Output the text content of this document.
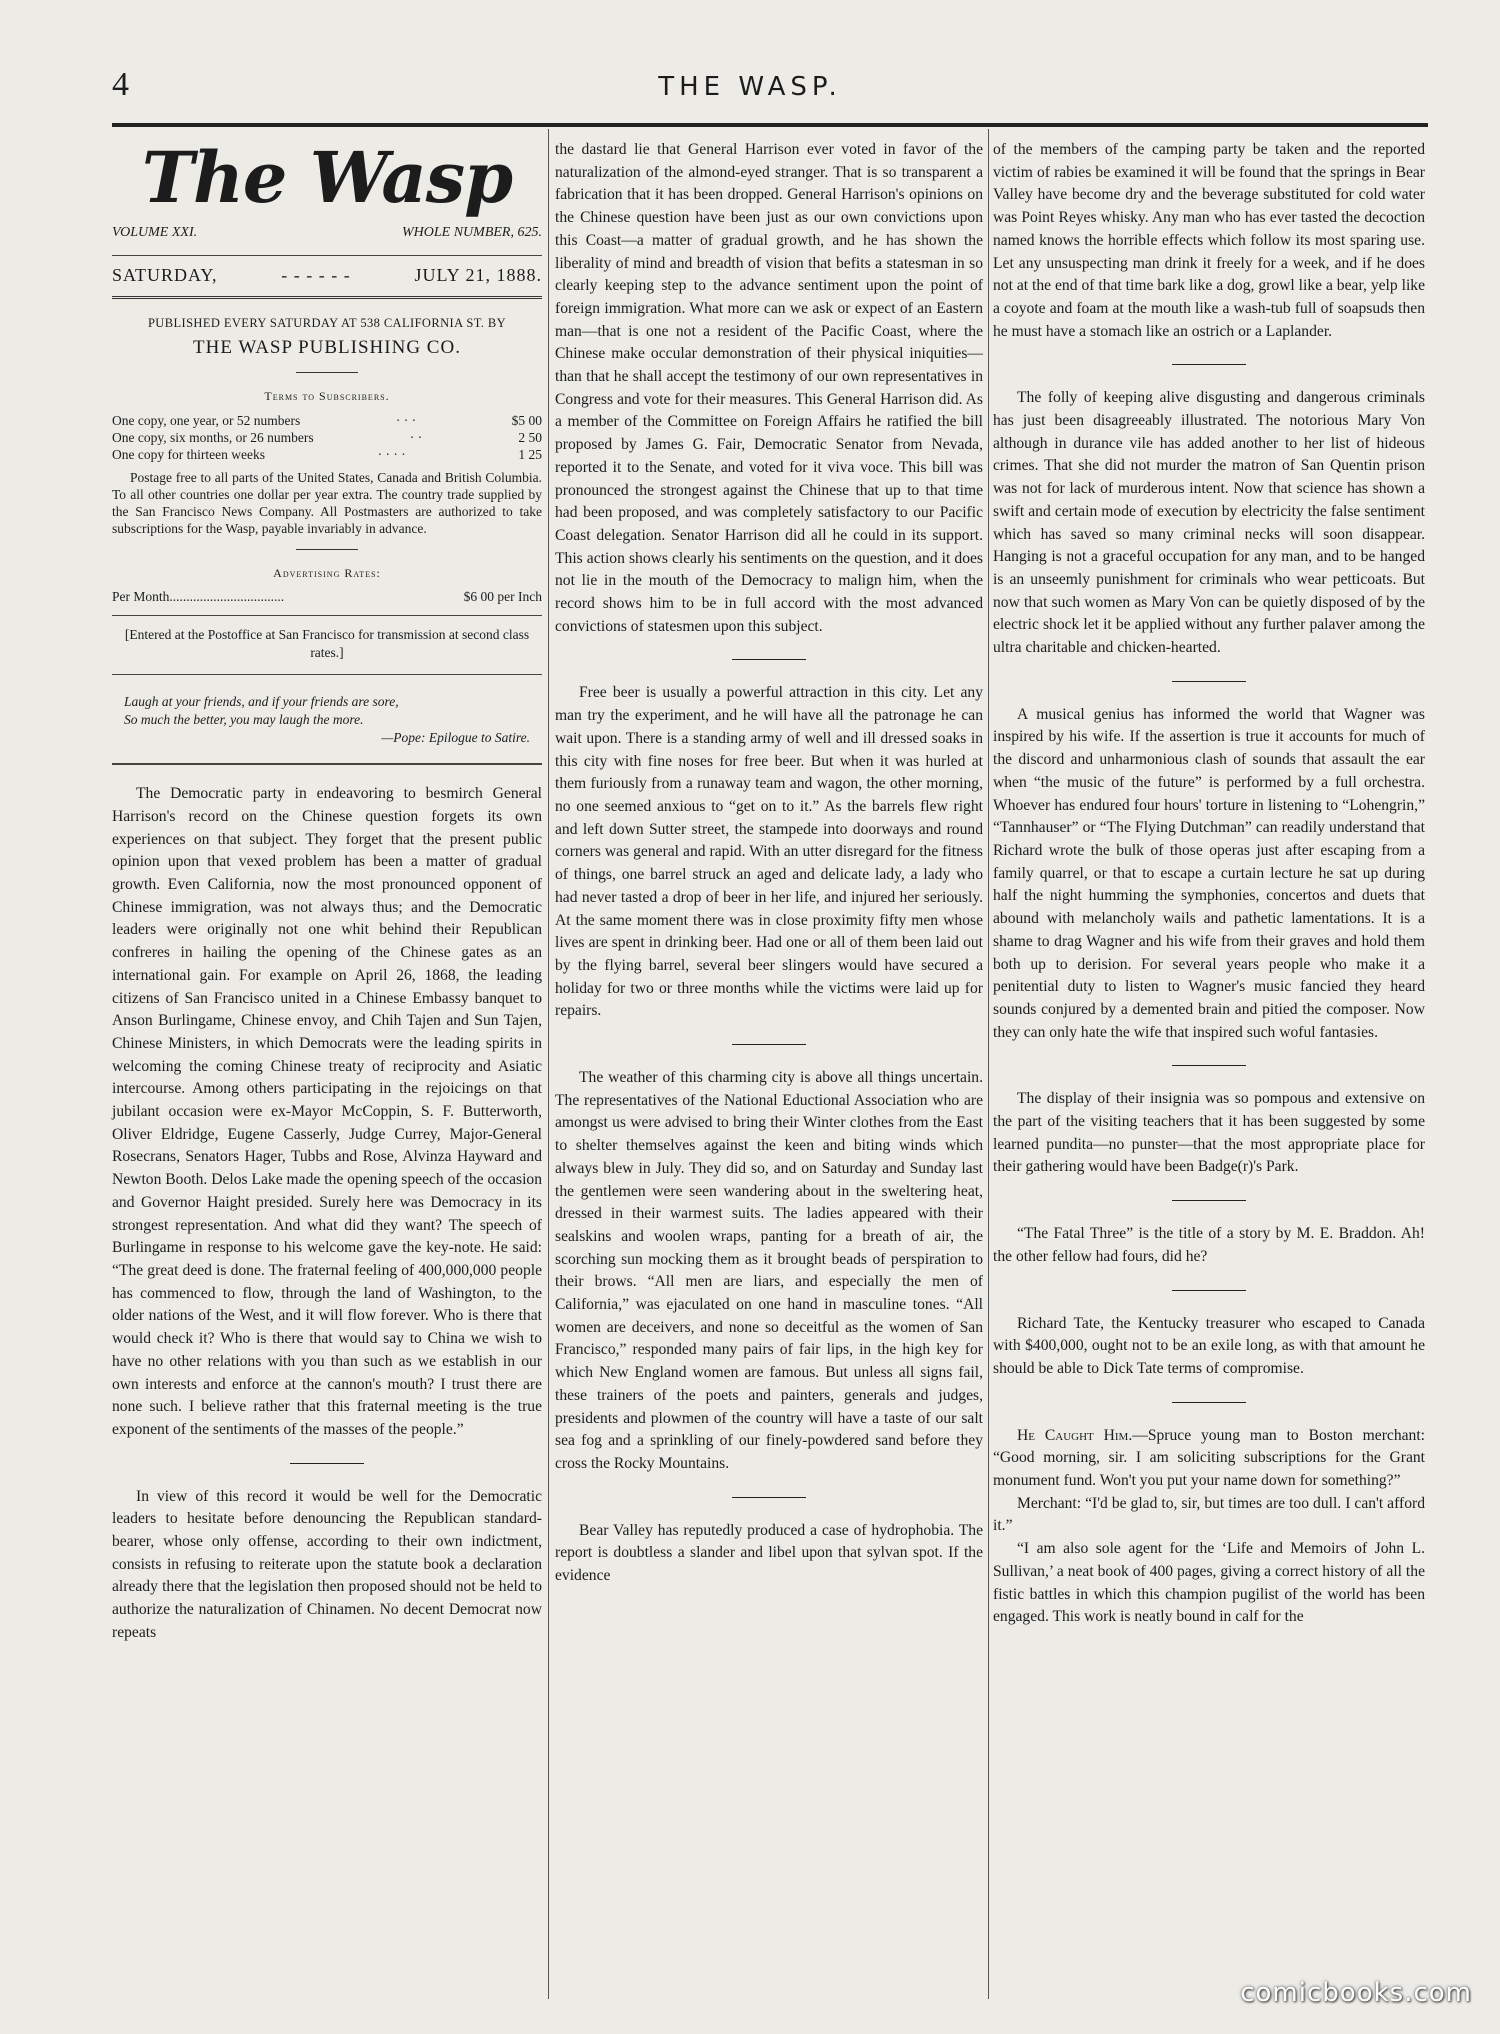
4	THE WASP.
The Wasp
VOLUME XXI.	WHOLE NUMBER, 625.
SATURDAY,	- - - - - -	JULY 21, 1888.
PUBLISHED EVERY SATURDAY AT 538 CALIFORNIA ST. BY
THE WASP PUBLISHING CO.
Terms to Subscribers.
One copy, one year, or 52 numbers	· · ·	$5 00
One copy, six months, or 26 numbers	· ·	2 50
One copy for thirteen weeks	· · · ·	1 25

Postage free to all parts of the United States, Canada and British Columbia. To all other countries one dollar per year extra. The country trade supplied by the San Francisco News Company. All Postmasters are authorized to take subscriptions for the Wasp, payable invariably in advance.

Advertising Rates:
Per Month ..................................	$6 00 per Inch
[Entered at the Postoffice at San Francisco for transmission at second class rates.]
Laugh at your friends, and if your friends are sore,
So much the better, you may laugh the more.
—Pope: Epilogue to Satire.

The Democratic party in endeavoring to besmirch General Harrison's record on the Chinese question forgets its own experiences on that subject. They forget that the present public opinion upon that vexed problem has been a matter of gradual growth. Even California, now the most pronounced opponent of Chinese immigration, was not always thus; and the Democratic leaders were originally not one whit behind their Republican confreres in hailing the opening of the Chinese gates as an international gain. For example on April 26, 1868, the leading citizens of San Francisco united in a Chinese Embassy banquet to Anson Burlingame, Chinese envoy, and Chih Tajen and Sun Tajen, Chinese Ministers, in which Democrats were the leading spirits in welcoming the coming Chinese treaty of reciprocity and Asiatic intercourse. Among others participating in the rejoicings on that jubilant occasion were ex-Mayor McCoppin, S. F. Butterworth, Oliver Eldridge, Eugene Casserly, Judge Currey, Major-General Rosecrans, Senators Hager, Tubbs and Rose, Alvinza Hayward and Newton Booth. Delos Lake made the opening speech of the occasion and Governor Haight presided. Surely here was Democracy in its strongest representation. And what did they want? The speech of Burlingame in response to his welcome gave the key-note. He said: “The great deed is done. The fraternal feeling of 400,000,000 people has commenced to flow, through the land of Washington, to the older nations of the West, and it will flow forever. Who is there that would check it? Who is there that would say to China we wish to have no other relations with you than such as we establish in our own interests and enforce at the cannon's mouth? I trust there are none such. I believe rather that this fraternal meeting is the true exponent of the sentiments of the masses of the people.”

In view of this record it would be well for the Democratic leaders to hesitate before denouncing the Republican standard-bearer, whose only offense, according to their own indictment, consists in refusing to reiterate upon the statute book a declaration already there that the legislation then proposed should not be held to authorize the naturalization of Chinamen. No decent Democrat now repeats

the dastard lie that General Harrison ever voted in favor of the naturalization of the almond-eyed stranger. That is so transparent a fabrication that it has been dropped. General Harrison's opinions on the Chinese question have been just as our own convictions upon this Coast—a matter of gradual growth, and he has shown the liberality of mind and breadth of vision that befits a statesman in so clearly keeping step to the advance sentiment upon the point of foreign immigration. What more can we ask or expect of an Eastern man—that is one not a resident of the Pacific Coast, where the Chinese make occular demonstration of their physical iniquities—than that he shall accept the testimony of our own representatives in Congress and vote for their measures. This General Harrison did. As a member of the Committee on Foreign Affairs he ratified the bill proposed by James G. Fair, Democratic Senator from Nevada, reported it to the Senate, and voted for it viva voce. This bill was pronounced the strongest against the Chinese that up to that time had been proposed, and was completely satisfactory to our Pacific Coast delegation. Senator Harrison did all he could in its support. This action shows clearly his sentiments on the question, and it does not lie in the mouth of the Democracy to malign him, when the record shows him to be in full accord with the most advanced convictions of statesmen upon this subject.

Free beer is usually a powerful attraction in this city. Let any man try the experiment, and he will have all the patronage he can wait upon. There is a standing army of well and ill dressed soaks in this city with fine noses for free beer. But when it was hurled at them furiously from a runaway team and wagon, the other morning, no one seemed anxious to “get on to it.” As the barrels flew right and left down Sutter street, the stampede into doorways and round corners was general and rapid. With an utter disregard for the fitness of things, one barrel struck an aged and delicate lady, a lady who had never tasted a drop of beer in her life, and injured her seriously. At the same moment there was in close proximity fifty men whose lives are spent in drinking beer. Had one or all of them been laid out by the flying barrel, several beer slingers would have secured a holiday for two or three months while the victims were laid up for repairs.

The weather of this charming city is above all things uncertain. The representatives of the National Eductional Association who are amongst us were advised to bring their Winter clothes from the East to shelter themselves against the keen and biting winds which always blew in July. They did so, and on Saturday and Sunday last the gentlemen were seen wandering about in the sweltering heat, dressed in their warmest suits. The ladies appeared with their sealskins and woolen wraps, panting for a breath of air, the scorching sun mocking them as it brought beads of perspiration to their brows. “All men are liars, and especially the men of California,” was ejaculated on one hand in masculine tones. “All women are deceivers, and none so deceitful as the women of San Francisco,” responded many pairs of fair lips, in the high key for which New England women are famous. But unless all signs fail, these trainers of the poets and painters, generals and judges, presidents and plowmen of the country will have a taste of our salt sea fog and a sprinkling of our finely-powdered sand before they cross the Rocky Mountains.

Bear Valley has reputedly produced a case of hydrophobia. The report is doubtless a slander and libel upon that sylvan spot. If the evidence

of the members of the camping party be taken and the reported victim of rabies be examined it will be found that the springs in Bear Valley have become dry and the beverage substituted for cold water was Point Reyes whisky. Any man who has ever tasted the decoction named knows the horrible effects which follow its most sparing use. Let any unsuspecting man drink it freely for a week, and if he does not at the end of that time bark like a dog, growl like a bear, yelp like a coyote and foam at the mouth like a wash-tub full of soapsuds then he must have a stomach like an ostrich or a Laplander.

The folly of keeping alive disgusting and dangerous criminals has just been disagreeably illustrated. The notorious Mary Von although in durance vile has added another to her list of hideous crimes. That she did not murder the matron of San Quentin prison was not for lack of murderous intent. Now that science has shown a swift and certain mode of execution by electricity the false sentiment which has saved so many criminal necks will soon disappear. Hanging is not a graceful occupation for any man, and to be hanged is an unseemly punishment for criminals who wear petticoats. But now that such women as Mary Von can be quietly disposed of by the electric shock let it be applied without any further palaver among the ultra charitable and chicken-hearted.

A musical genius has informed the world that Wagner was inspired by his wife. If the assertion is true it accounts for much of the discord and unharmonious clash of sounds that assault the ear when “the music of the future” is performed by a full orchestra. Whoever has endured four hours' torture in listening to “Lohengrin,” “Tannhauser” or “The Flying Dutchman” can readily understand that Richard wrote the bulk of those operas just after escaping from a family quarrel, or that to escape a curtain lecture he sat up during half the night humming the symphonies, concertos and duets that abound with melancholy wails and pathetic lamentations. It is a shame to drag Wagner and his wife from their graves and hold them both up to derision. For several years people who make it a penitential duty to listen to Wagner's music fancied they heard sounds conjured by a demented brain and pitied the composer. Now they can only hate the wife that inspired such woful fantasies.

The display of their insignia was so pompous and extensive on the part of the visiting teachers that it has been suggested by some learned pundita—no punster—that the most appropriate place for their gathering would have been Badge(r)'s Park.

“The Fatal Three” is the title of a story by M. E. Braddon. Ah! the other fellow had fours, did he?

Richard Tate, the Kentucky treasurer who escaped to Canada with $400,000, ought not to be an exile long, as with that amount he should be able to Dick Tate terms of compromise.

He Caught Him.—Spruce young man to Boston merchant: “Good morning, sir. I am soliciting subscriptions for the Grant monument fund. Won't you put your name down for something?”

Merchant: “I'd be glad to, sir, but times are too dull. I can't afford it.”

“I am also sole agent for the ‘Life and Memoirs of John L. Sullivan,’ a neat book of 400 pages, giving a correct history of all the fistic battles in which this champion pugilist of the world has been engaged. This work is neatly bound in calf for the

comicbooks.com
